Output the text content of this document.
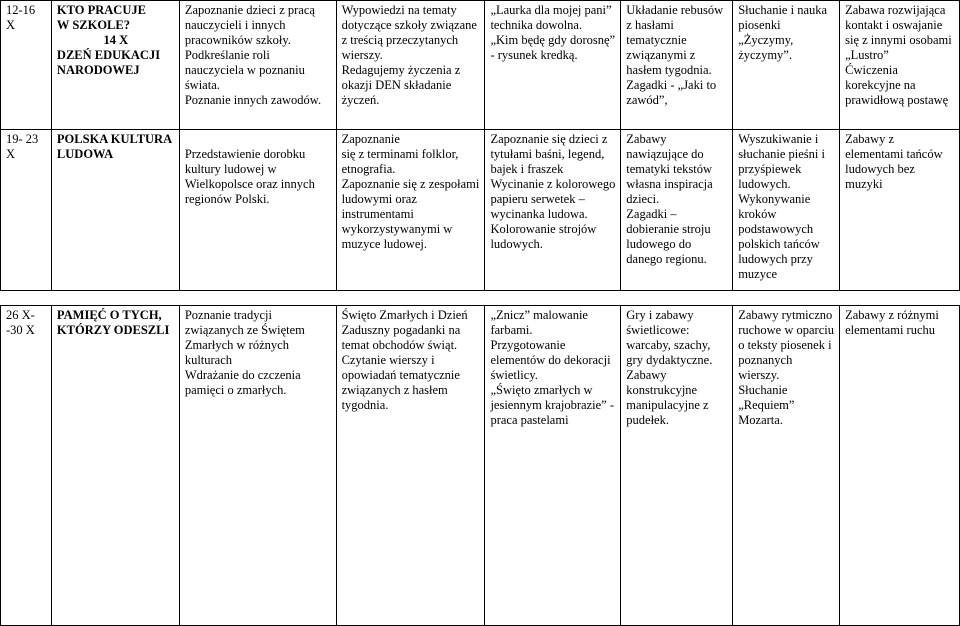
12-16 X	KTO PRACUJE
W SZKOLE?
14 X
DZEŃ EDUKACJI
NARODOWEJ	Zapoznanie dzieci z pracą nauczycieli i innych pracowników szkoły.
Podkreślanie roli nauczyciela w poznaniu świata.
Poznanie innych zawodów.	Wypowiedzi na tematy dotyczące szkoły związane z treścią przeczytanych wierszy.
Redagujemy życzenia z okazji DEN składanie życzeń.	„Laurka dla mojej pani” technika dowolna.
„Kim będę gdy dorosnę” - rysunek kredką.	Układanie rebusów z hasłami tematycznie związanymi z hasłem tygodnia.
Zagadki - „Jaki to zawód”,	Słuchanie i nauka piosenki „Życzymy, życzymy”.	Zabawa rozwijająca kontakt i oswajanie się z innymi osobami „Lustro”
Ćwiczenia korekcyjne na prawidłową postawę

19- 23 X	POLSKA KULTURA LUDOWA	Przedstawienie dorobku kultury ludowej w Wielkopolsce oraz innych regionów Polski.	Zapoznanie
się z terminami folklor, etnografia.
Zapoznanie się z zespołami ludowymi oraz instrumentami wykorzystywanymi w muzyce ludowej.	Zapoznanie się dzieci z tytułami baśni, legend, bajek i fraszek
Wycinanie z kolorowego papieru serwetek – wycinanka ludowa.
Kolorowanie strojów ludowych.	Zabawy nawiązujące do tematyki tekstów własna inspiracja dzieci.
Zagadki – dobieranie stroju ludowego do danego regionu.	Wyszukiwanie i słuchanie pieśni i przyśpiewek ludowych.
Wykonywanie kroków podstawowych polskich tańców ludowych przy muzyce	Zabawy z elementami tańców ludowych bez muzyki

26 X- -30 X	PAMIĘĆ O TYCH, KTÓRZY ODESZLI	Poznanie tradycji związanych ze Świętem Zmarłych w różnych kulturach
Wdrażanie do czczenia pamięci o zmarłych.	Święto Zmarłych i Dzień Zaduszny pogadanki na temat obchodów świąt.
Czytanie wierszy i opowiadań tematycznie związanych z hasłem tygodnia.	„Znicz” malowanie farbami.
Przygotowanie elementów do dekoracji świetlicy.
„Święto zmarłych w jesiennym krajobrazie” - praca pastelami	Gry i zabawy świetlicowe: warcaby, szachy, gry dydaktyczne.
Zabawy konstrukcyjne manipulacyjne z pudełek.	Zabawy rytmiczno ruchowe w oparciu o teksty piosenek i poznanych wierszy.
Słuchanie „Requiem” Mozarta.	Zabawy z różnymi elementami ruchu
